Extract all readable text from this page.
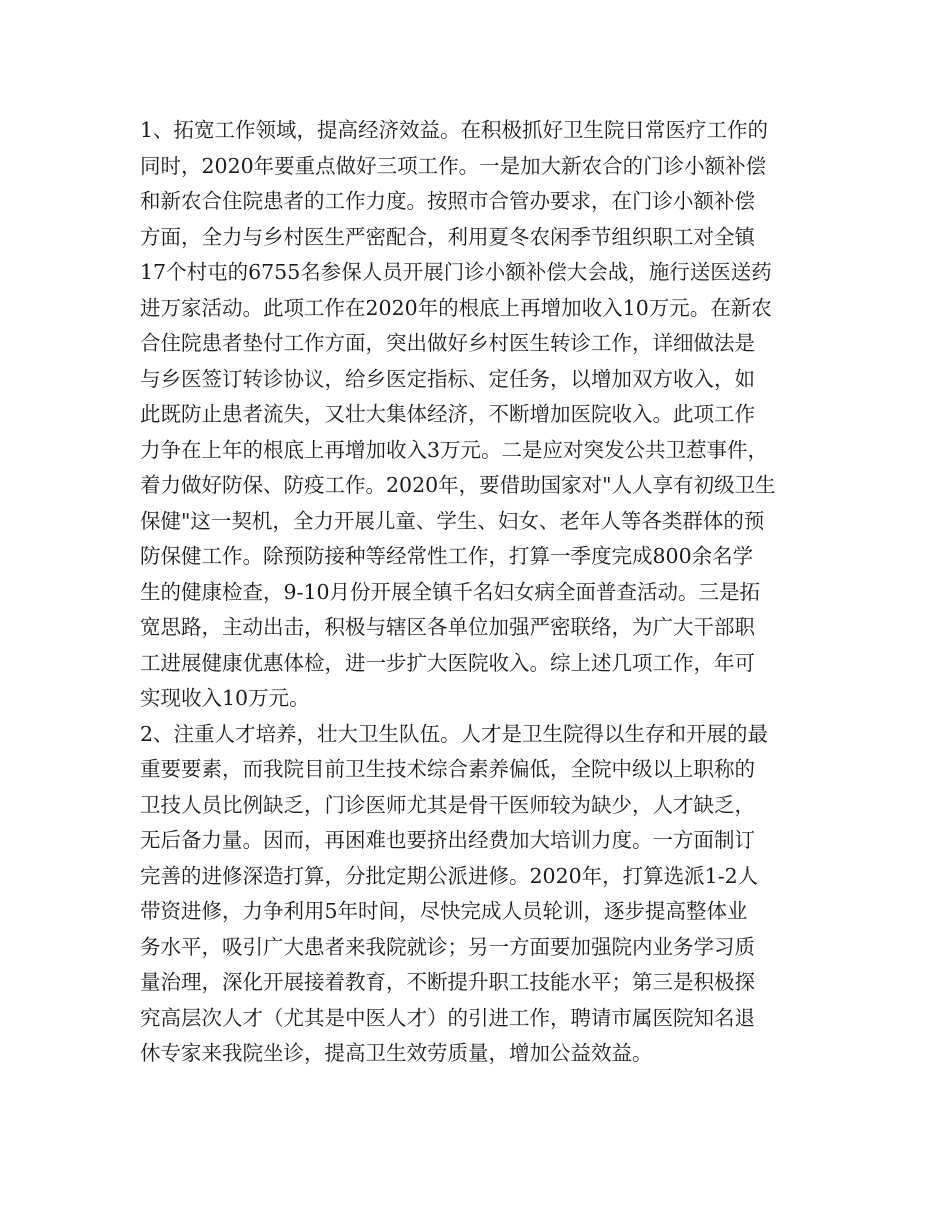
1、拓宽工作领域，提高经济效益。在积极抓好卫生院日常医疗工作的
同时，2020年要重点做好三项工作。一是加大新农合的门诊小额补偿
和新农合住院患者的工作力度。按照市合管办要求，在门诊小额补偿
方面，全力与乡村医生严密配合，利用夏冬农闲季节组织职工对全镇
17个村屯的6755名参保人员开展门诊小额补偿大会战，施行送医送药
进万家活动。此项工作在2020年的根底上再增加收入10万元。在新农
合住院患者垫付工作方面，突出做好乡村医生转诊工作，详细做法是
与乡医签订转诊协议，给乡医定指标、定任务，以增加双方收入，如
此既防止患者流失，又壮大集体经济，不断增加医院收入。此项工作
力争在上年的根底上再增加收入3万元。二是应对突发公共卫惹事件，
着力做好防保、防疫工作。2020年，要借助国家对"人人享有初级卫生
保健"这一契机，全力开展儿童、学生、妇女、老年人等各类群体的预
防保健工作。除预防接种等经常性工作，打算一季度完成800余名学
生的健康检查，9-10月份开展全镇千名妇女病全面普查活动。三是拓
宽思路，主动出击，积极与辖区各单位加强严密联络，为广大干部职
工进展健康优惠体检，进一步扩大医院收入。综上述几项工作，年可
实现收入10万元。
2、注重人才培养，壮大卫生队伍。人才是卫生院得以生存和开展的最
重要要素，而我院目前卫生技术综合素养偏低，全院中级以上职称的
卫技人员比例缺乏，门诊医师尤其是骨干医师较为缺少，人才缺乏，
无后备力量。因而，再困难也要挤出经费加大培训力度。一方面制订
完善的进修深造打算，分批定期公派进修。2020年，打算选派1-2人
带资进修，力争利用5年时间，尽快完成人员轮训，逐步提高整体业
务水平，吸引广大患者来我院就诊；另一方面要加强院内业务学习质
量治理，深化开展接着教育，不断提升职工技能水平；第三是积极探
究高层次人才（尤其是中医人才）的引进工作，聘请市属医院知名退
休专家来我院坐诊，提高卫生效劳质量，增加公益效益。
